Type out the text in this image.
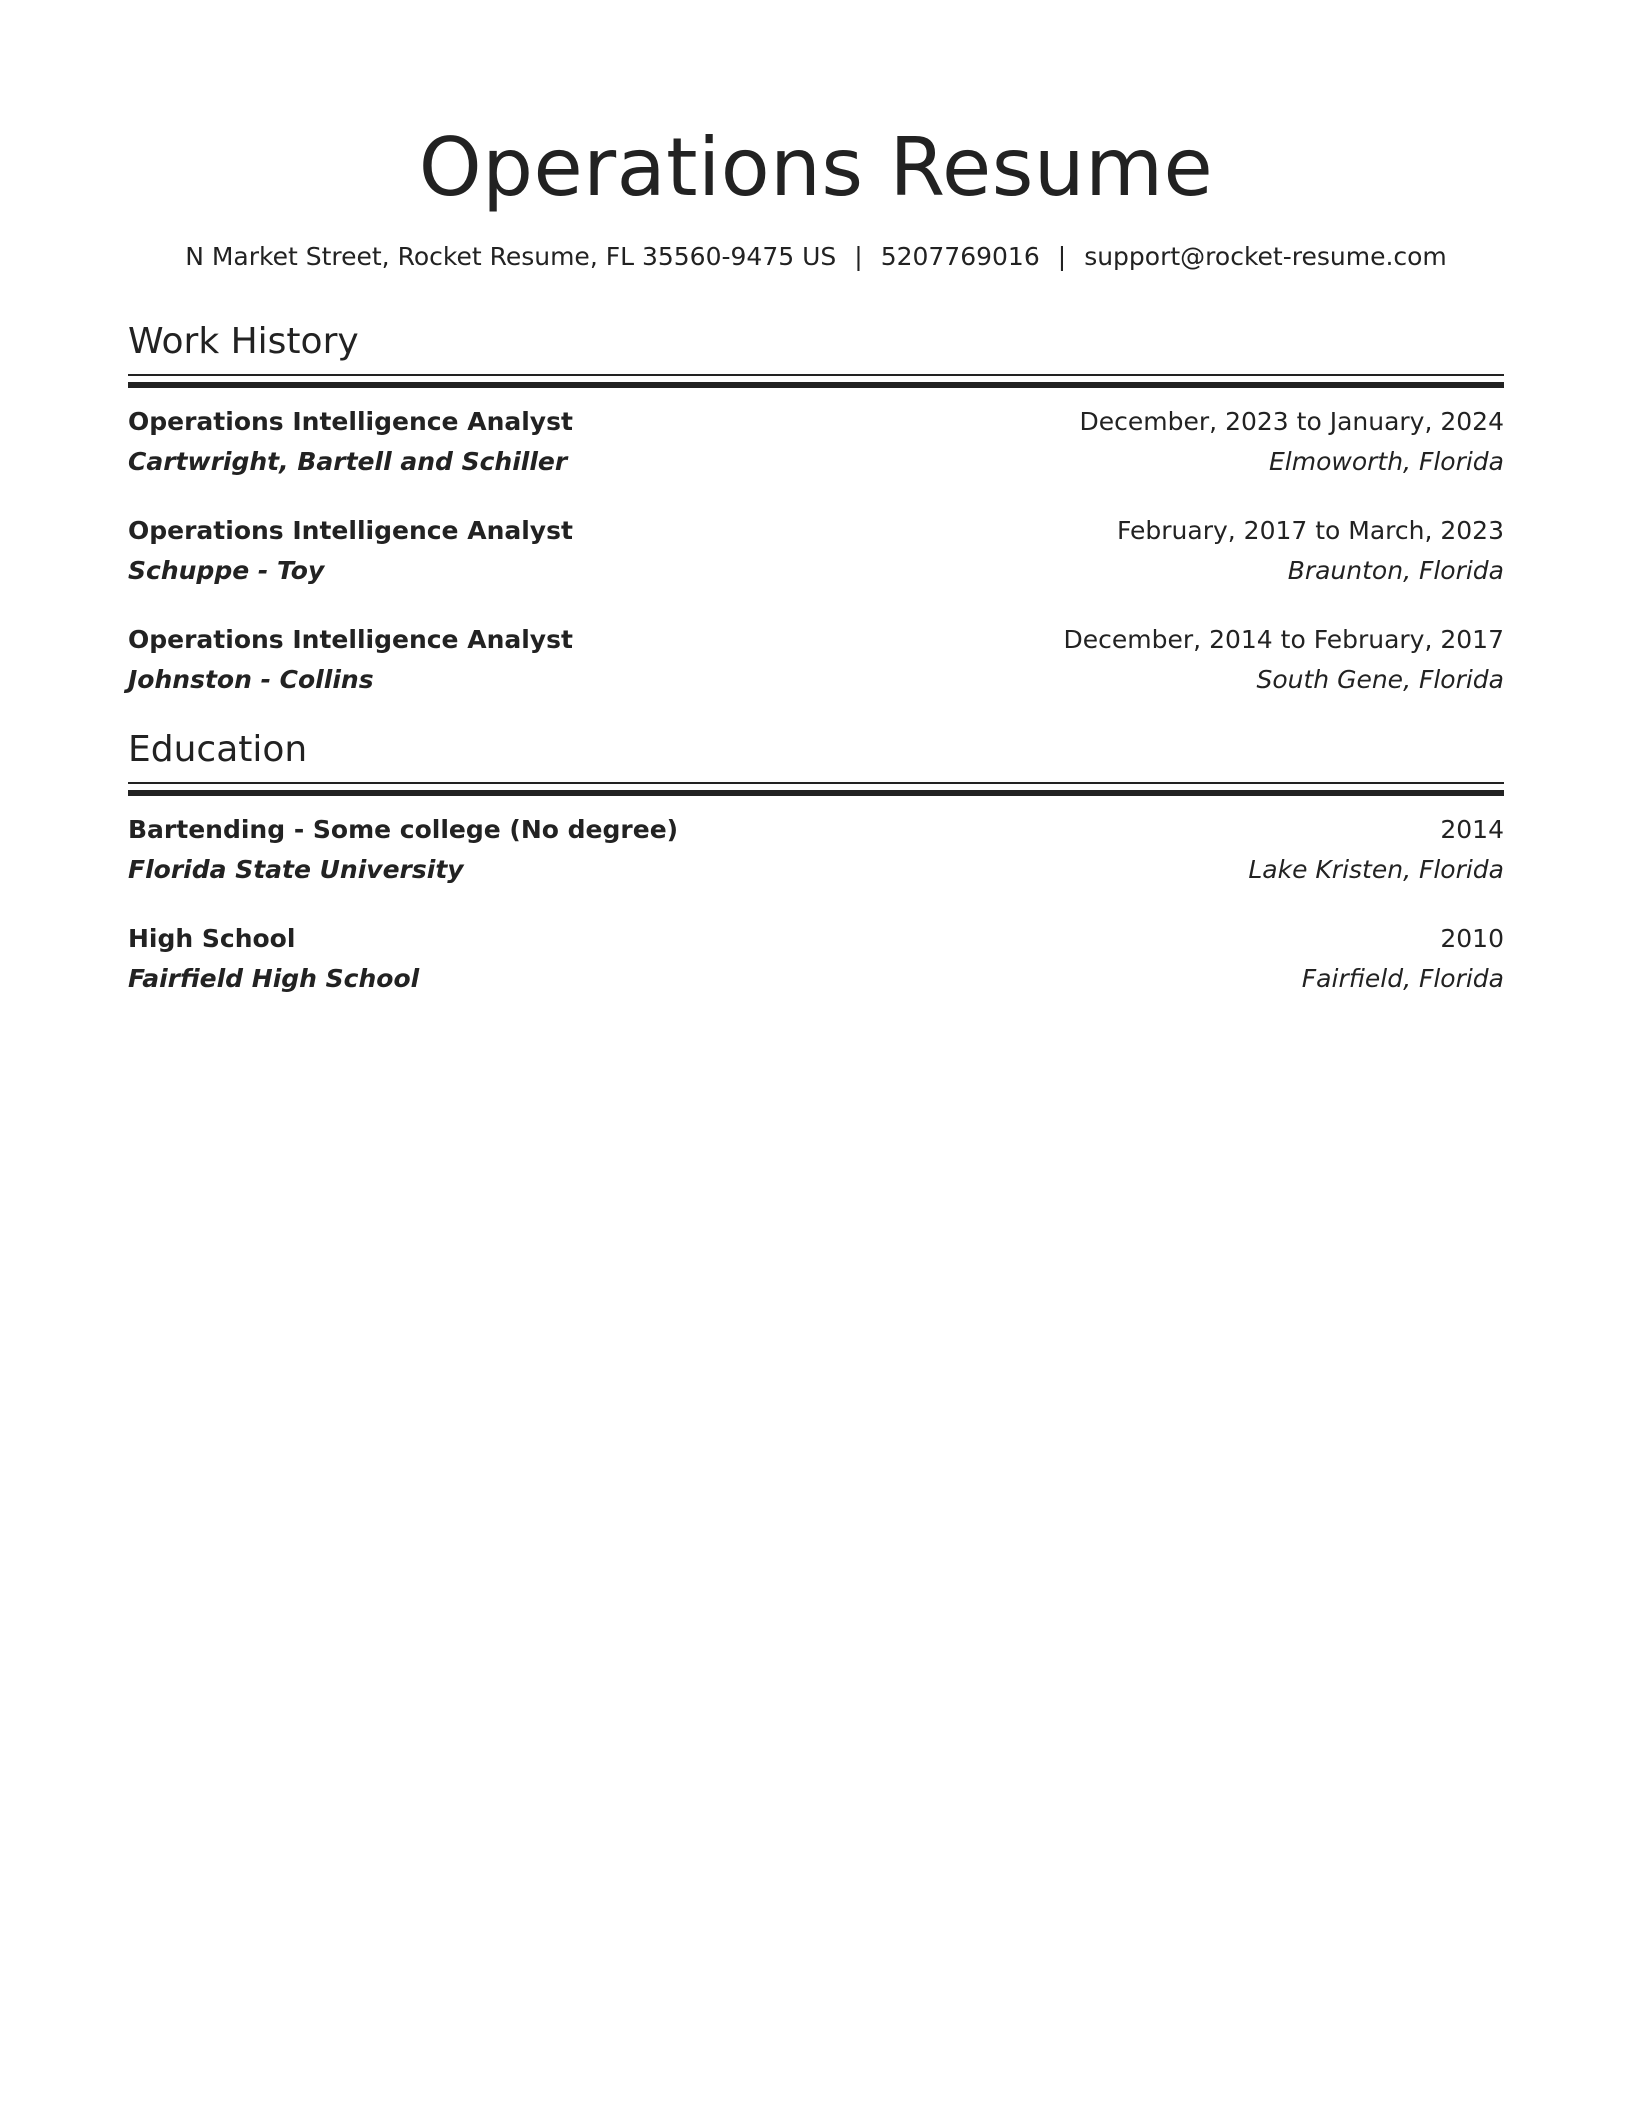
Operations Resume
N Market Street, Rocket Resume, FL 35560-9475 US | 5207769016 | support@rocket-resume.com
Work History
Operations Intelligence Analyst	December, 2023 to January, 2024
Cartwright, Bartell and Schiller	Elmoworth, Florida
Operations Intelligence Analyst	February, 2017 to March, 2023
Schuppe - Toy	Braunton, Florida
Operations Intelligence Analyst	December, 2014 to February, 2017
Johnston - Collins	South Gene, Florida
Education
Bartending - Some college (No degree)	2014
Florida State University	Lake Kristen, Florida
High School	2010
Fairfield High School	Fairfield, Florida
